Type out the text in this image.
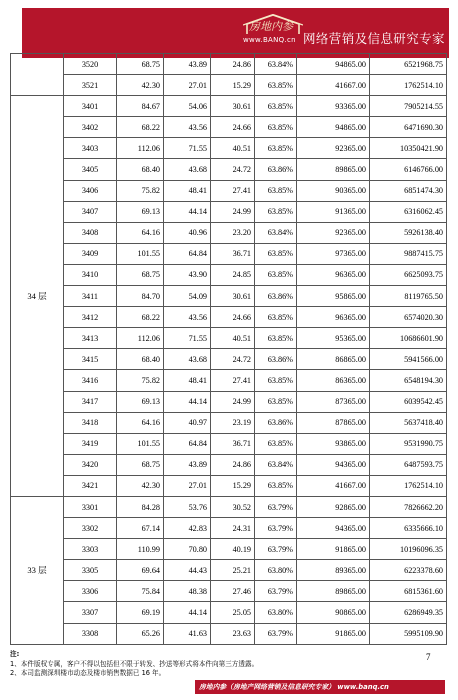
房地内参
www.BANQ.cn 网络营销及信息研究专家
	3520	68.75	43.89	24.86	63.84%	94865.00	6521968.75
	3521	42.30	27.01	15.29	63.85%	41667.00	1762514.10
34 层	3401	84.67	54.06	30.61	63.85%	93365.00	7905214.55
	3402	68.22	43.56	24.66	63.85%	94865.00	6471690.30
	3403	112.06	71.55	40.51	63.85%	92365.00	10350421.90
	3405	68.40	43.68	24.72	63.86%	89865.00	6146766.00
	3406	75.82	48.41	27.41	63.85%	90365.00	6851474.30
	3407	69.13	44.14	24.99	63.85%	91365.00	6316062.45
	3408	64.16	40.96	23.20	63.84%	92365.00	5926138.40
	3409	101.55	64.84	36.71	63.85%	97365.00	9887415.75
	3410	68.75	43.90	24.85	63.85%	96365.00	6625093.75
	3411	84.70	54.09	30.61	63.86%	95865.00	8119765.50
	3412	68.22	43.56	24.66	63.85%	96365.00	6574020.30
	3413	112.06	71.55	40.51	63.85%	95365.00	10686601.90
	3415	68.40	43.68	24.72	63.86%	86865.00	5941566.00
	3416	75.82	48.41	27.41	63.85%	86365.00	6548194.30
	3417	69.13	44.14	24.99	63.85%	87365.00	6039542.45
	3418	64.16	40.97	23.19	63.86%	87865.00	5637418.40
	3419	101.55	64.84	36.71	63.85%	93865.00	9531990.75
	3420	68.75	43.89	24.86	63.84%	94365.00	6487593.75
	3421	42.30	27.01	15.29	63.85%	41667.00	1762514.10
33 层	3301	84.28	53.76	30.52	63.79%	92865.00	7826662.20
	3302	67.14	42.83	24.31	63.79%	94365.00	6335666.10
	3303	110.99	70.80	40.19	63.79%	91865.00	10196096.35
	3305	69.64	44.43	25.21	63.80%	89365.00	6223378.60
	3306	75.84	48.38	27.46	63.79%	89865.00	6815361.60
	3307	69.19	44.14	25.05	63.80%	90865.00	6286949.35
	3308	65.26	41.63	23.63	63.79%	91865.00	5995109.90
注:
1、本件版权专属，客户不得以包括但不限于转发、抄送等形式将本件向第三方透露。
2、本司监测深圳楼市动态及楼市销售数据已 16 年。
7
房地内参（房地产网络营销及信息研究专家） www.banq.cn
